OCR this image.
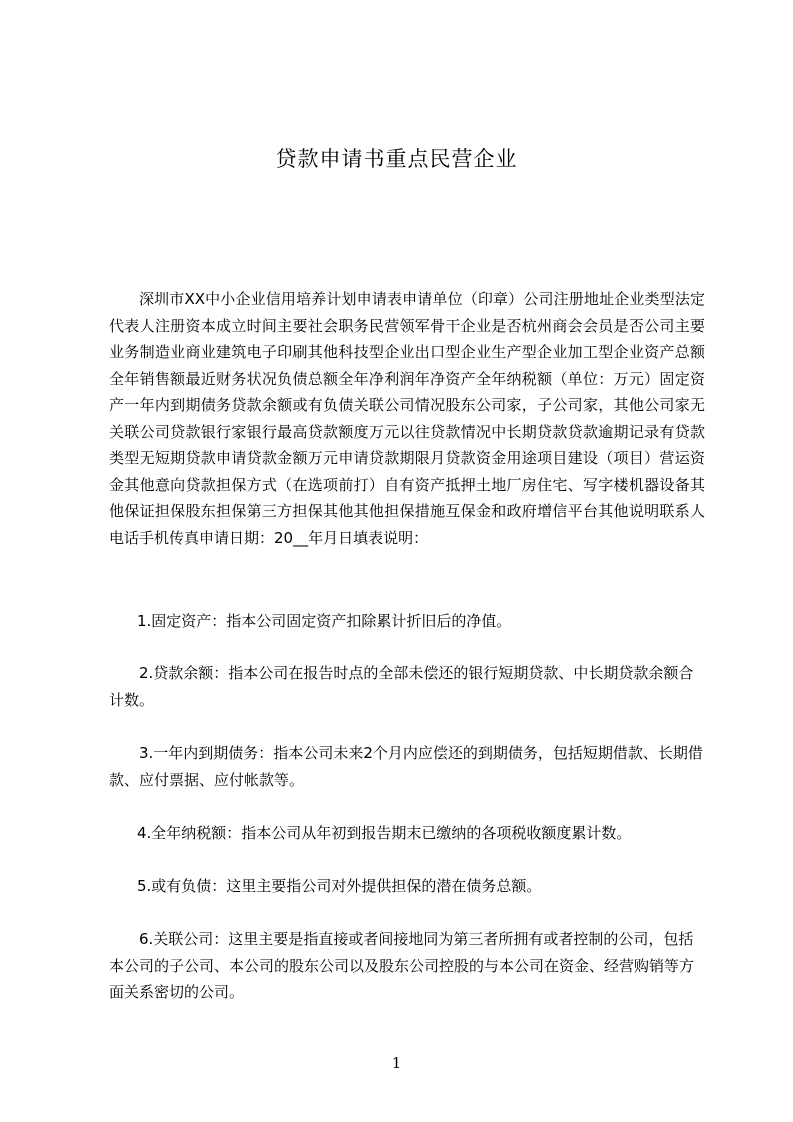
贷款申请书重点民营企业
深圳市XX中小企业信用培养计划申请表申请单位（印章）公司注册地址企业类型法定代表人注册资本成立时间主要社会职务民营领军骨干企业是否杭州商会会员是否公司主要业务制造业商业建筑电子印刷其他科技型企业出口型企业生产型企业加工型企业资产总额全年销售额最近财务状况负债总额全年净利润年净资产全年纳税额（单位：万元）固定资产一年内到期债务贷款余额或有负债关联公司情况股东公司家，子公司家，其他公司家无关联公司贷款银行家银行最高贷款额度万元以往贷款情况中长期贷款贷款逾期记录有贷款类型无短期贷款申请贷款金额万元申请贷款期限月贷款资金用途项目建设（项目）营运资金其他意向贷款担保方式（在选项前打）自有资产抵押土地厂房住宅、写字楼机器设备其他保证担保股东担保第三方担保其他其他担保措施互保金和政府增信平台其他说明联系人电话手机传真申请日期：20__年月日填表说明：

1.固定资产：指本公司固定资产扣除累计折旧后的净值。

2.贷款余额：指本公司在报告时点的全部未偿还的银行短期贷款、中长期贷款余额合计数。

3.一年内到期债务：指本公司未来2个月内应偿还的到期债务，包括短期借款、长期借款、应付票据、应付帐款等。

4.全年纳税额：指本公司从年初到报告期末已缴纳的各项税收额度累计数。

5.或有负债：这里主要指公司对外提供担保的潜在债务总额。

6.关联公司：这里主要是指直接或者间接地同为第三者所拥有或者控制的公司，包括本公司的子公司、本公司的股东公司以及股东公司控股的与本公司在资金、经营购销等方面关系密切的公司。

1
